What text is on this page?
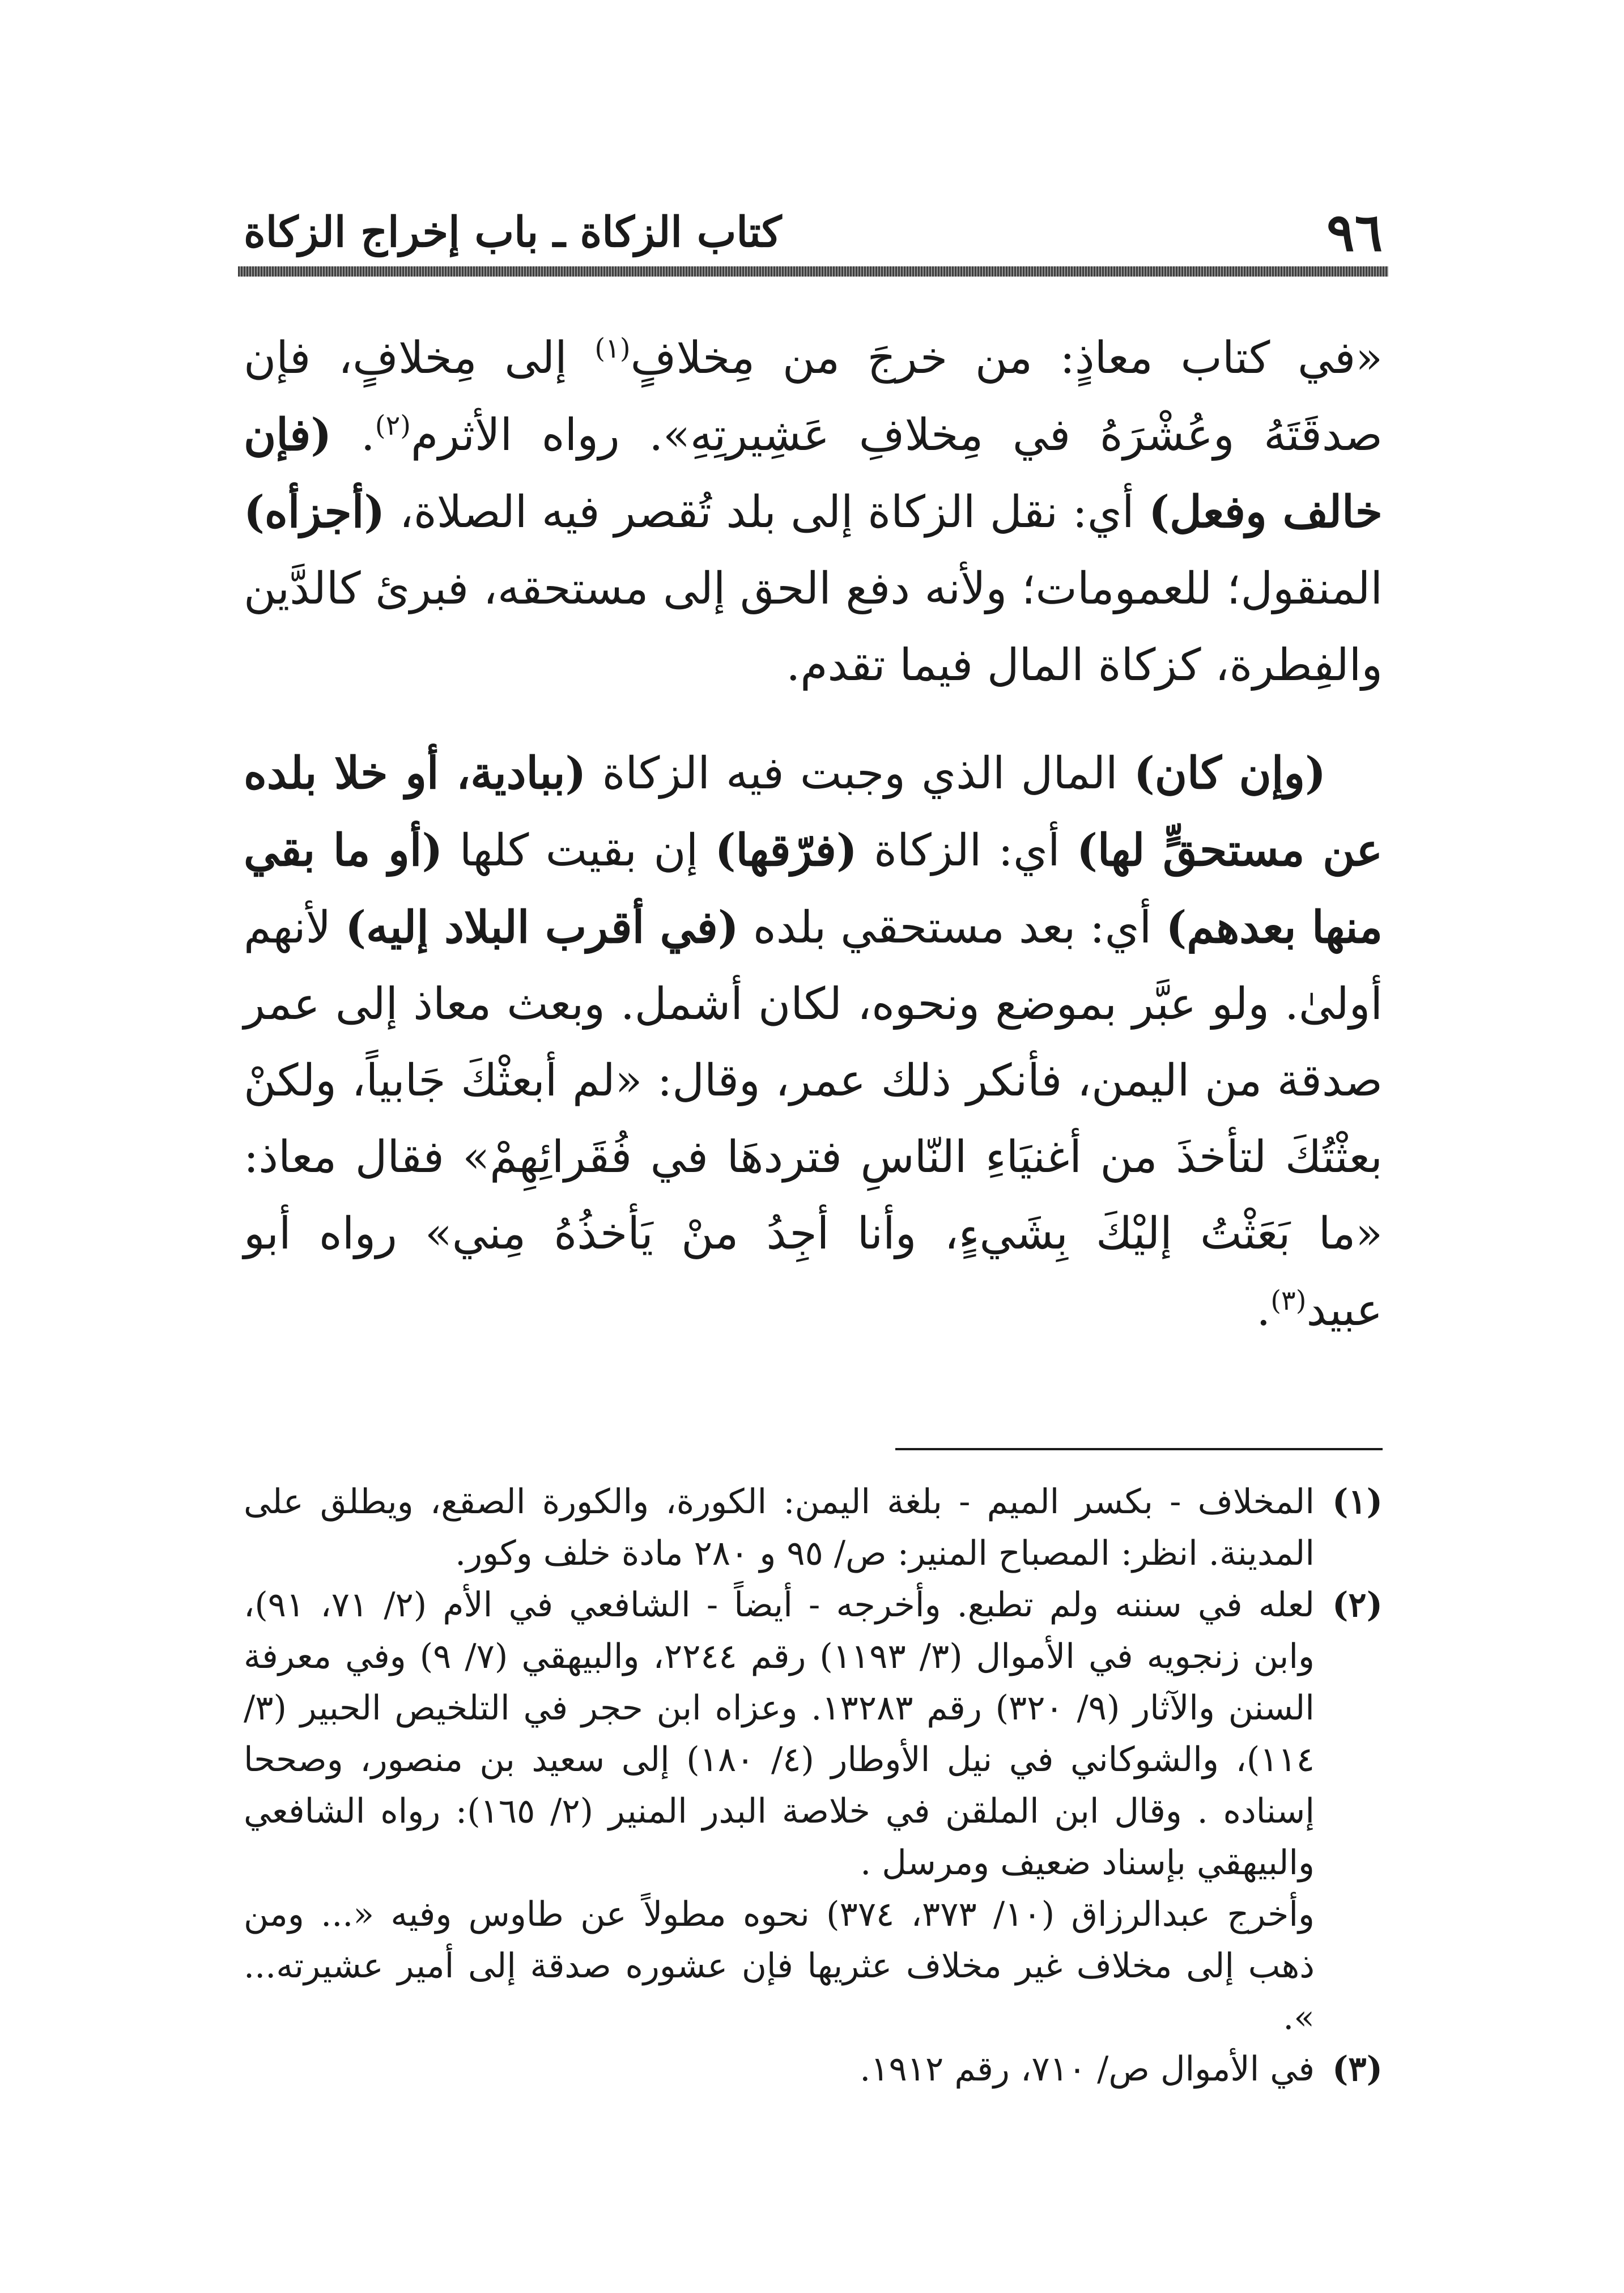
٩٦
كتاب الزكاة ـ باب إخراج الزكاة

«في كتاب معاذٍ: من خرجَ من مِخلافٍ$^{(١)}$ إلى مِخلافٍ، فإن صدقَتَهُ وعُشْرَهُ في مِخلافِ عَشِيرتِهِ». رواه الأثرم$^{(٢)}$. (فإن خالف وفعل) أي: نقل الزكاة إلى بلد تُقصر فيه الصلاة، (أجزأه) المنقول؛ للعمومات؛ ولأنه دفع الحق إلى مستحقه، فبرئ كالدَّين والفِطرة، كزكاة المال فيما تقدم.

(وإن كان) المال الذي وجبت فيه الزكاة (ببادية، أو خلا بلده عن مستحقٍّ لها) أي: الزكاة (فرّقها) إن بقيت كلها (أو ما بقي منها بعدهم) أي: بعد مستحقي بلده (في أقرب البلاد إليه) لأنهم أولىٰ. ولو عبَّر بموضع ونحوه، لكان أشمل. وبعث معاذ إلى عمر صدقة من اليمن، فأنكر ذلك عمر، وقال: «لم أبعثْكَ جَابياً، ولكنْ بعثْتُكَ لتأخذَ من أغنيَاءِ النّاسِ فتردهَا في فُقَرائِهِمْ» فقال معاذ: «ما بَعَثْتُ إليْكَ بِشَيءٍ، وأنا أجِدُ منْ يَأخذُهُ مِني» رواه أبو عبيد$^{(٣)}$.

(١)
المخلاف - بكسر الميم - بلغة اليمن: الكورة، والكورة الصقع، ويطلق على المدينة. انظر: المصباح المنير: ص/ ٩٥ و ٢٨٠ مادة خلف وكور.

(٢)
لعله في سننه ولم تطبع. وأخرجه - أيضاً - الشافعي في الأم (٢/ ٧١، ٩١)، وابن زنجويه في الأموال (٣/ ١١٩٣) رقم ٢٢٤٤، والبيهقي (٧/ ٩) وفي معرفة السنن والآثار (٩/ ٣٢٠) رقم ١٣٢٨٣. وعزاه ابن حجر في التلخيص الحبير (٣/ ١١٤)، والشوكاني في نيل الأوطار (٤/ ١٨٠) إلى سعيد بن منصور، وصححا إسناده . وقال ابن الملقن في خلاصة البدر المنير (٢/ ١٦٥): رواه الشافعي والبيهقي بإسناد ضعيف ومرسل .

وأخرج عبدالرزاق (١٠/ ٣٧٣، ٣٧٤) نحوه مطولاً عن طاوس وفيه «... ومن ذهب إلى مخلاف غير مخلاف عثريها فإن عشوره صدقة إلى أمير عشيرته... ».

(٣)
في الأموال ص/ ٧١٠، رقم ١٩١٢.
